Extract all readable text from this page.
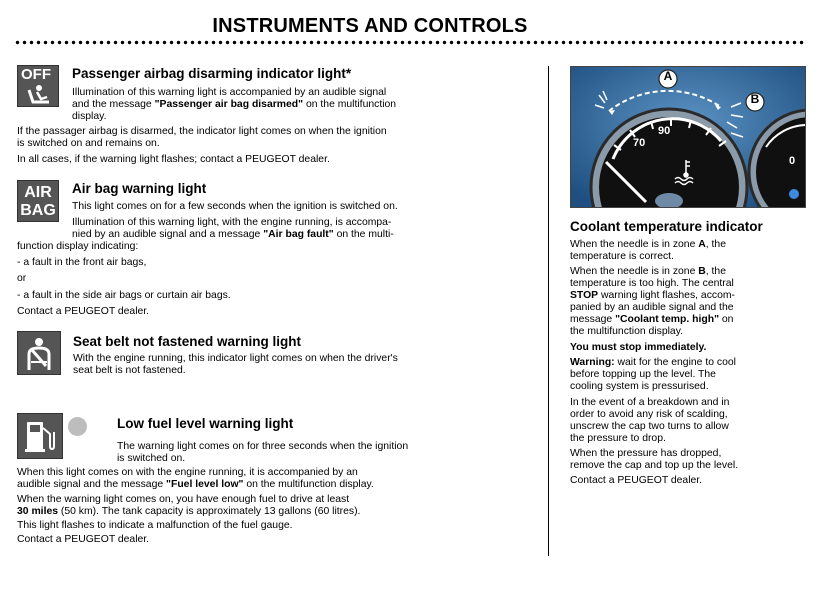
INSTRUMENTS AND CONTROLS
OFF Passenger airbag disarming indicator light*
Illumination of this warning light is accompanied by an audible signal
and the message "Passenger air bag disarmed" on the multifunction
display.
If the passager airbag is disarmed, the indicator light comes on when the ignition
is switched on and remains on.
In all cases, if the warning light flashes; contact a PEUGEOT dealer.
AIR
BAG
Air bag warning light
This light comes on for a few seconds when the ignition is switched on.
Illumination of this warning light, with the engine running, is accompa-
nied by an audible signal and a message "Air bag fault" on the multi-
function display indicating:
- a fault in the front air bags,
or
- a fault in the side air bags or curtain air bags.
Contact a PEUGEOT dealer.
Seat belt not fastened warning light
With the engine running, this indicator light comes on when the driver's
seat belt is not fastened.
Low fuel level warning light
The warning light comes on for three seconds when the ignition
is switched on.
When this light comes on with the engine running, it is accompanied by an
audible signal and the message "Fuel level low" on the multifunction display.
When the warning light comes on, you have enough fuel to drive at least
30 miles (50 km). The tank capacity is approximately 13 gallons (60 litres).
This light flashes to indicate a malfunction of the fuel gauge.
Contact a PEUGEOT dealer.
A
B
90
70
0
Coolant temperature indicator
When the needle is in zone A, the
temperature is correct.
When the needle is in zone B, the
temperature is too high. The central
STOP warning light flashes, accom-
panied by an audible signal and the
message "Coolant temp. high" on
the multifunction display.
You must stop immediately.
Warning: wait for the engine to cool
before topping up the level. The
cooling system is pressurised.
In the event of a breakdown and in
order to avoid any risk of scalding,
unscrew the cap two turns to allow
the pressure to drop.
When the pressure has dropped,
remove the cap and top up the level.
Contact a PEUGEOT dealer.
